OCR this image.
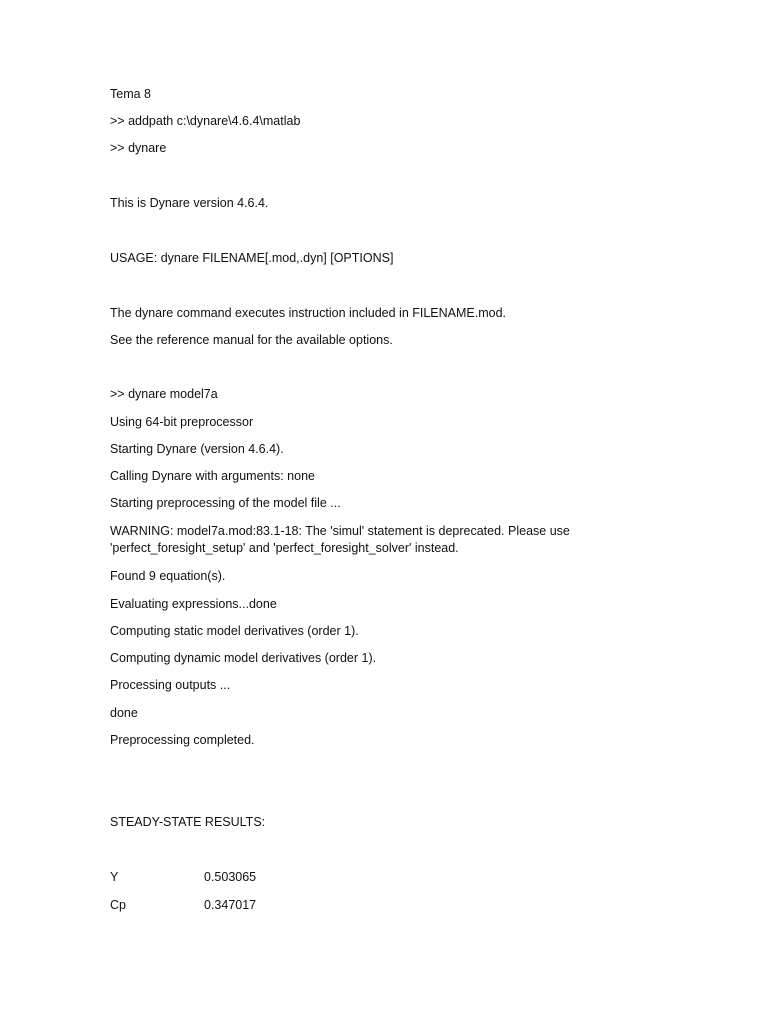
Tema 8
>> addpath c:\dynare\4.6.4\matlab
>> dynare
This is Dynare version 4.6.4.
USAGE: dynare FILENAME[.mod,.dyn] [OPTIONS]
The dynare command executes instruction included in FILENAME.mod.
See the reference manual for the available options.
>> dynare model7a
Using 64-bit preprocessor
Starting Dynare (version 4.6.4).
Calling Dynare with arguments: none
Starting preprocessing of the model file ...
WARNING: model7a.mod:83.1-18: The 'simul' statement is deprecated. Please use 'perfect_foresight_setup' and 'perfect_foresight_solver' instead.
Found 9 equation(s).
Evaluating expressions...done
Computing static model derivatives (order 1).
Computing dynamic model derivatives (order 1).
Processing outputs ...
done
Preprocessing completed.
STEADY-STATE RESULTS:
Y	0.503065
Cp	0.347017
